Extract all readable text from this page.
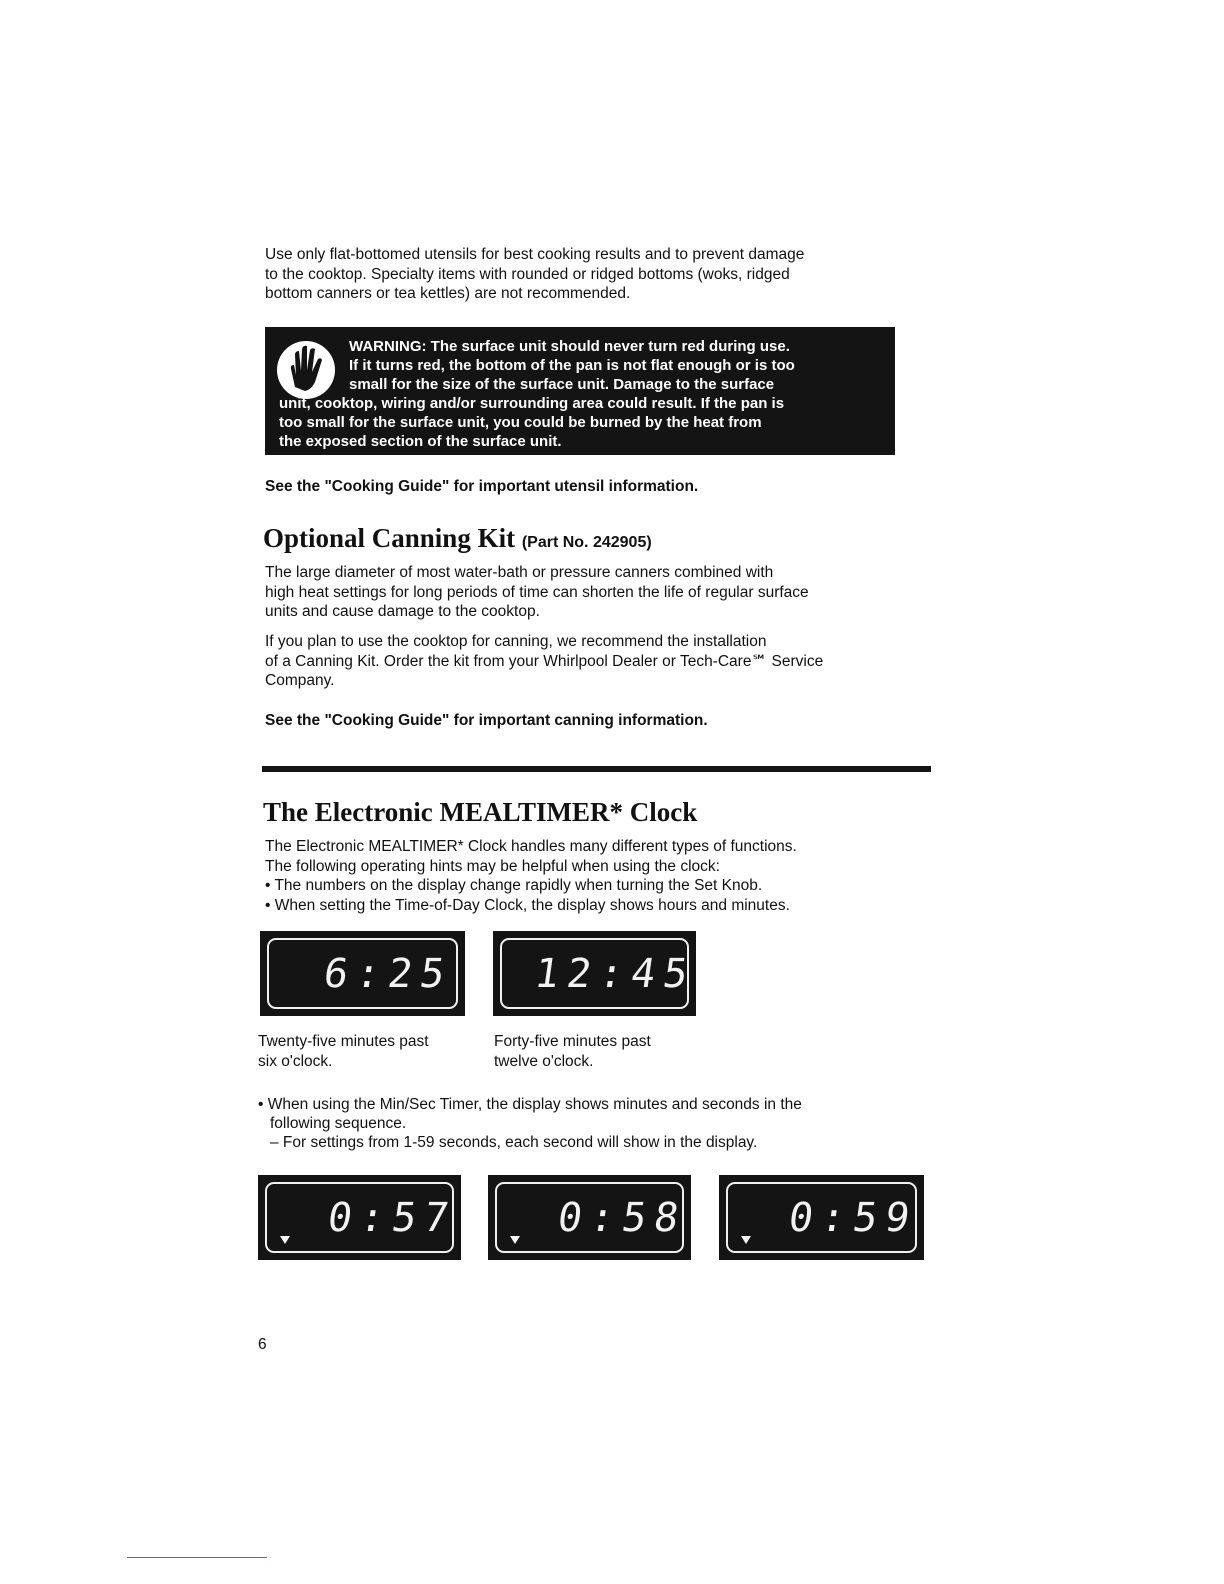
Use only flat-bottomed utensils for best cooking results and to prevent damage
to the cooktop. Specialty items with rounded or ridged bottoms (woks, ridged
bottom canners or tea kettles) are not recommended.

WARNING: The surface unit should never turn red during use.

If it turns red, the bottom of the pan is not flat enough or is too

small for the size of the surface unit. Damage to the surface

unit, cooktop, wiring and/or surrounding area could result. If the pan is

too small for the surface unit, you could be burned by the heat from

the exposed section of the surface unit.

See the "Cooking Guide" for important utensil information.

Optional Canning Kit (Part No. 242905)
The large diameter of most water-bath or pressure canners combined with
high heat settings for long periods of time can shorten the life of regular surface
units and cause damage to the cooktop.
If you plan to use the cooktop for canning, we recommend the installation
of a Canning Kit. Order the kit from your Whirlpool Dealer or Tech-Care℠ Service
Company.

See the "Cooking Guide" for important canning information.

The Electronic MEALTIMER* Clock
The Electronic MEALTIMER* Clock handles many different types of functions.
The following operating hints may be helpful when using the clock:
• The numbers on the display change rapidly when turning the Set Knob.
• When setting the Time-of-Day Clock, the display shows hours and minutes.
6:25 12:45
Twenty-five minutes past
six o'clock.
Forty-five minutes past
twelve o'clock.

• When using the Min/Sec Timer, the display shows minutes and seconds in the

following sequence.

– For settings from 1-59 seconds, each second will show in the display.

0:57 0:58 0:59

6
